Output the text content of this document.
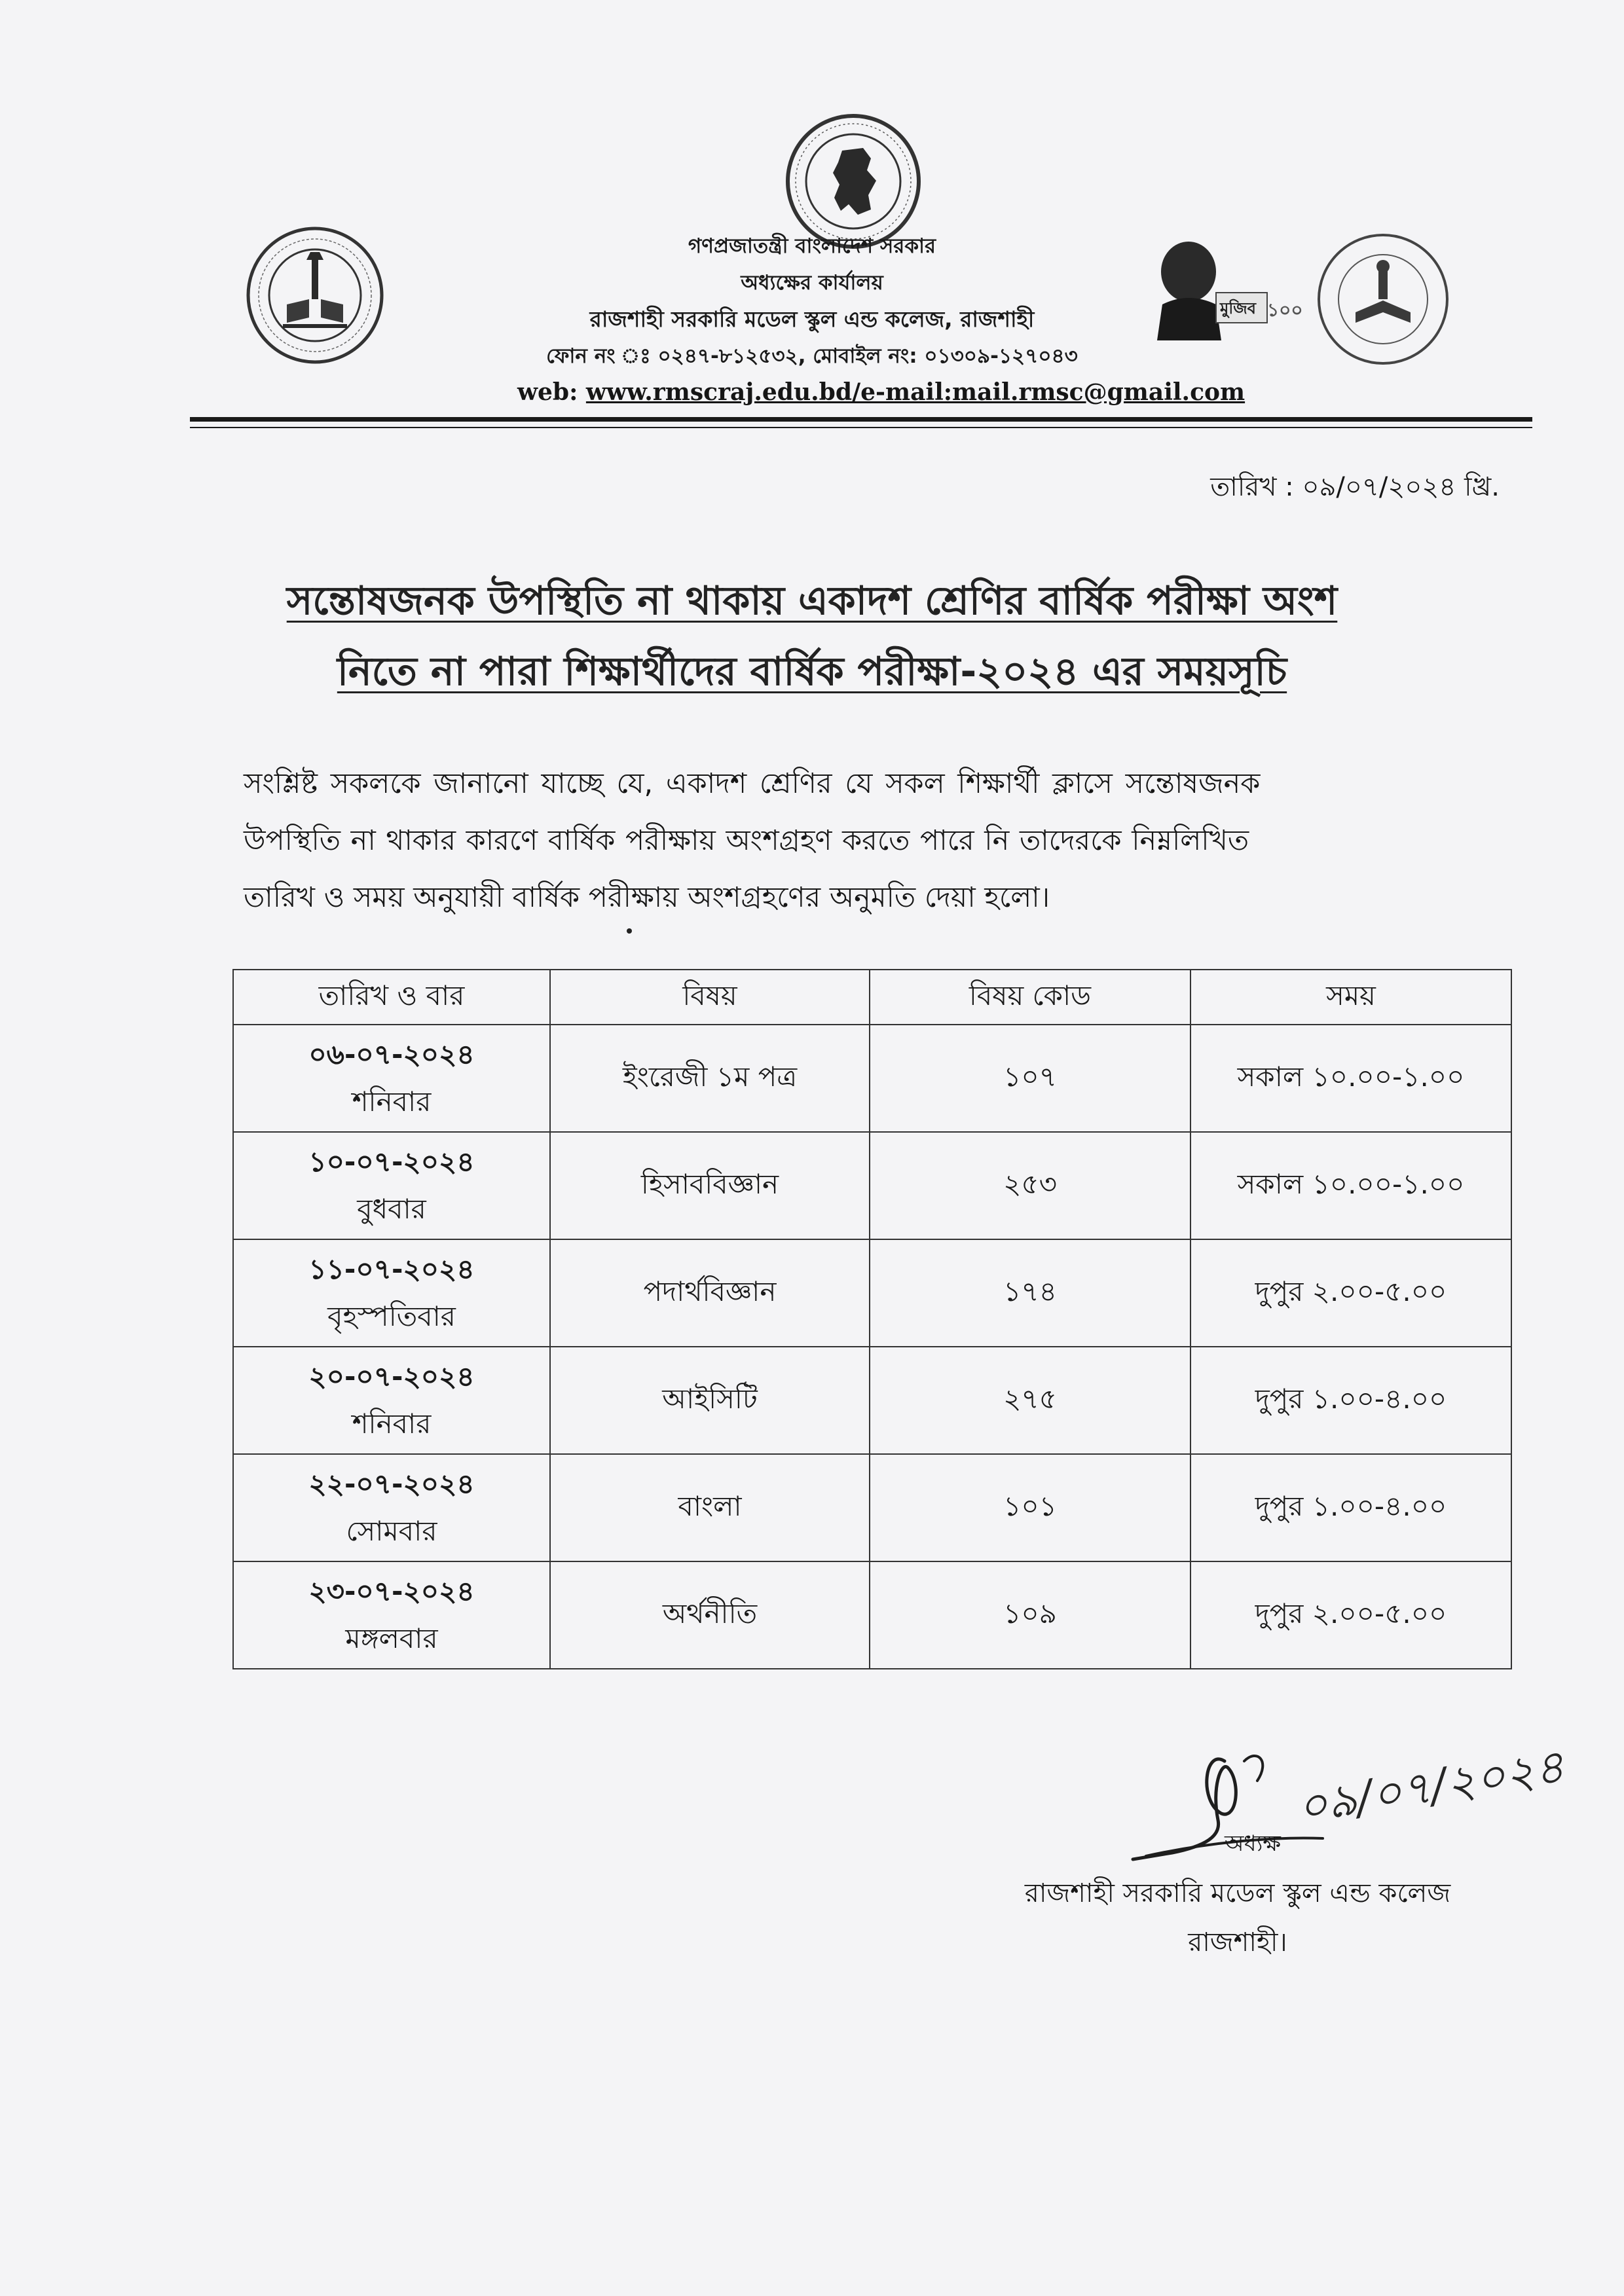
মুজিব ১০০
গণপ্রজাতন্ত্রী বাংলাদেশ সরকার
অধ্যক্ষের কার্যালয়
রাজশাহী সরকারি মডেল স্কুল এন্ড কলেজ, রাজশাহী
ফোন নং ঃ ০২৪৭-৮১২৫৩২, মোবাইল নং: ০১৩০৯-১২৭০৪৩
web: www.rmscraj.edu.bd/e-mail:mail.rmsc@gmail.com
তারিখ : ০৯/০৭/২০২৪ খ্রি.
সন্তোষজনক উপস্থিতি না থাকায় একাদশ শ্রেণির বার্ষিক পরীক্ষা অংশ
নিতে না পারা শিক্ষার্থীদের বার্ষিক পরীক্ষা-২০২৪ এর সময়সূচি
সংশ্লিষ্ট সকলকে জানানো যাচ্ছে যে, একাদশ শ্রেণির যে সকল শিক্ষার্থী ক্লাসে সন্তোষজনক
উপস্থিতি না থাকার কারণে বার্ষিক পরীক্ষায় অংশগ্রহণ করতে পারে নি তাদেরকে নিম্নলিখিত
তারিখ ও সময় অনুযায়ী বার্ষিক পরীক্ষায় অংশগ্রহণের অনুমতি দেয়া হলো।
তারিখ ও বার	বিষয়	বিষয় কোড	সময়

০৬-০৭-২০২৪
শনিবার	ইংরেজী ১ম পত্র	১০৭	সকাল ১০.০০-১.০০

১০-০৭-২০২৪
বুধবার	হিসাববিজ্ঞান	২৫৩	সকাল ১০.০০-১.০০

১১-০৭-২০২৪
বৃহস্পতিবার	পদার্থবিজ্ঞান	১৭৪	দুপুর ২.০০-৫.০০

২০-০৭-২০২৪
শনিবার	আইসিটি	২৭৫	দুপুর ১.০০-৪.০০

২২-০৭-২০২৪
সোমবার	বাংলা	১০১	দুপুর ১.০০-৪.০০

২৩-০৭-২০২৪
মঙ্গলবার	অর্থনীতি	১০৯	দুপুর ২.০০-৫.০০
০৯/০৭/২০২৪
অধ্যক্ষ
রাজশাহী সরকারি মডেল স্কুল এন্ড কলেজ
রাজশাহী।
